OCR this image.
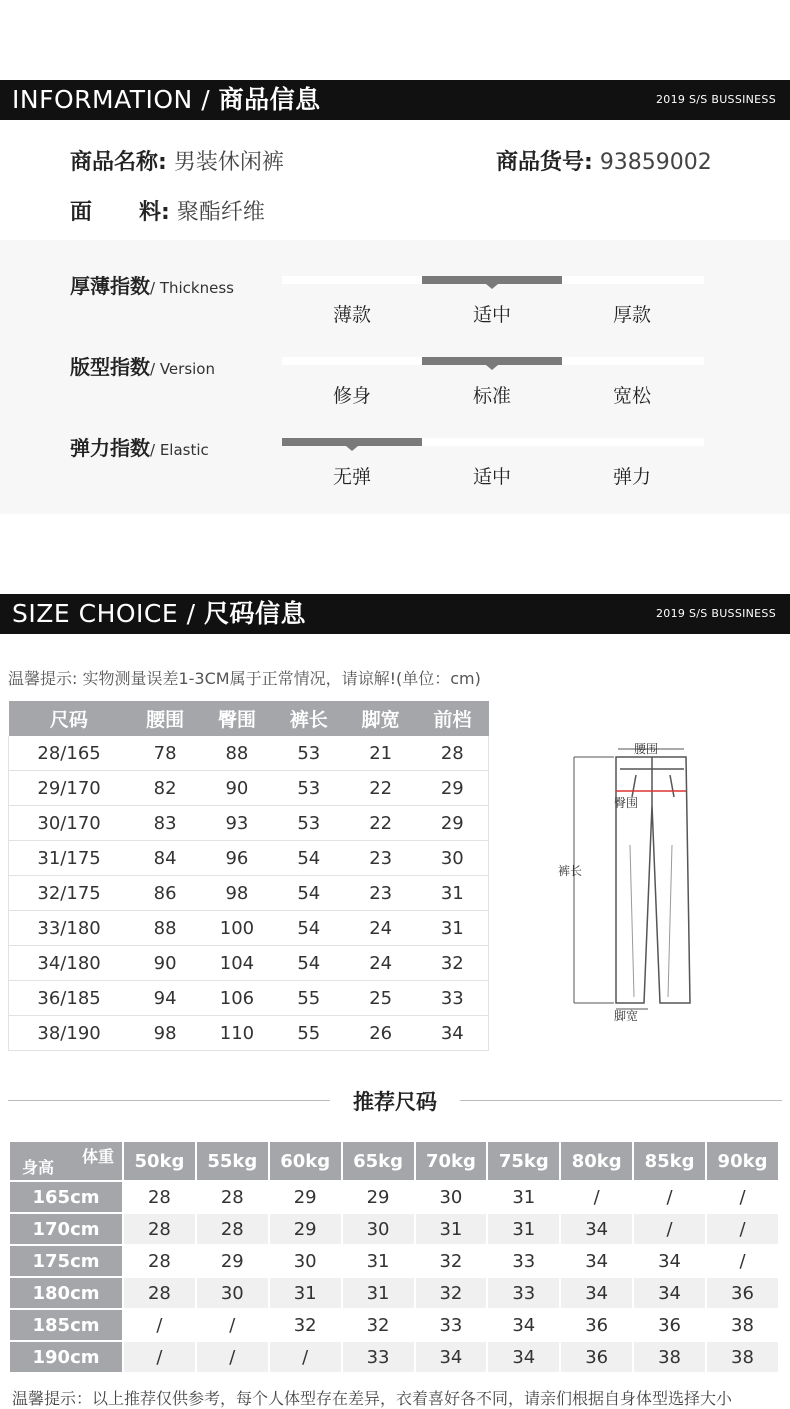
INFORMATION / 商品信息	2019 S/S BUSSINESS
商品名称: 男装休闲裤	商品货号: 93859002
面 料: 聚酯纤维
厚薄指数/ Thickness
薄款	适中	厚款
版型指数/ Version
修身	标准	宽松
弹力指数/ Elastic
无弹	适中	弹力
SIZE CHOICE / 尺码信息	2019 S/S BUSSINESS
温馨提示: 实物测量误差1-3CM属于正常情况，请谅解!(单位：cm)
尺码	腰围	臀围	裤长	脚宽	前档
28/165	78	88	53	21	28
29/170	82	90	53	22	29
30/170	83	93	53	22	29
31/175	84	96	54	23	30
32/175	86	98	54	23	31
33/180	88	100	54	24	31
34/180	90	104	54	24	32
36/185	94	106	55	25	33
38/190	98	110	55	26	34
腰围
臀围
裤长
脚宽
推荐尺码
体重
身高	50kg	55kg	60kg	65kg	70kg	75kg	80kg	85kg	90kg
165cm	28	28	29	29	30	31	/	/	/
170cm	28	28	29	30	31	31	34	/	/
175cm	28	29	30	31	32	33	34	34	/
180cm	28	30	31	31	32	33	34	34	36
185cm	/	/	32	32	33	34	36	36	38
190cm	/	/	/	33	34	34	36	38	38
温馨提示：以上推荐仅供参考，每个人体型存在差异，衣着喜好各不同，请亲们根据自身体型选择大小
